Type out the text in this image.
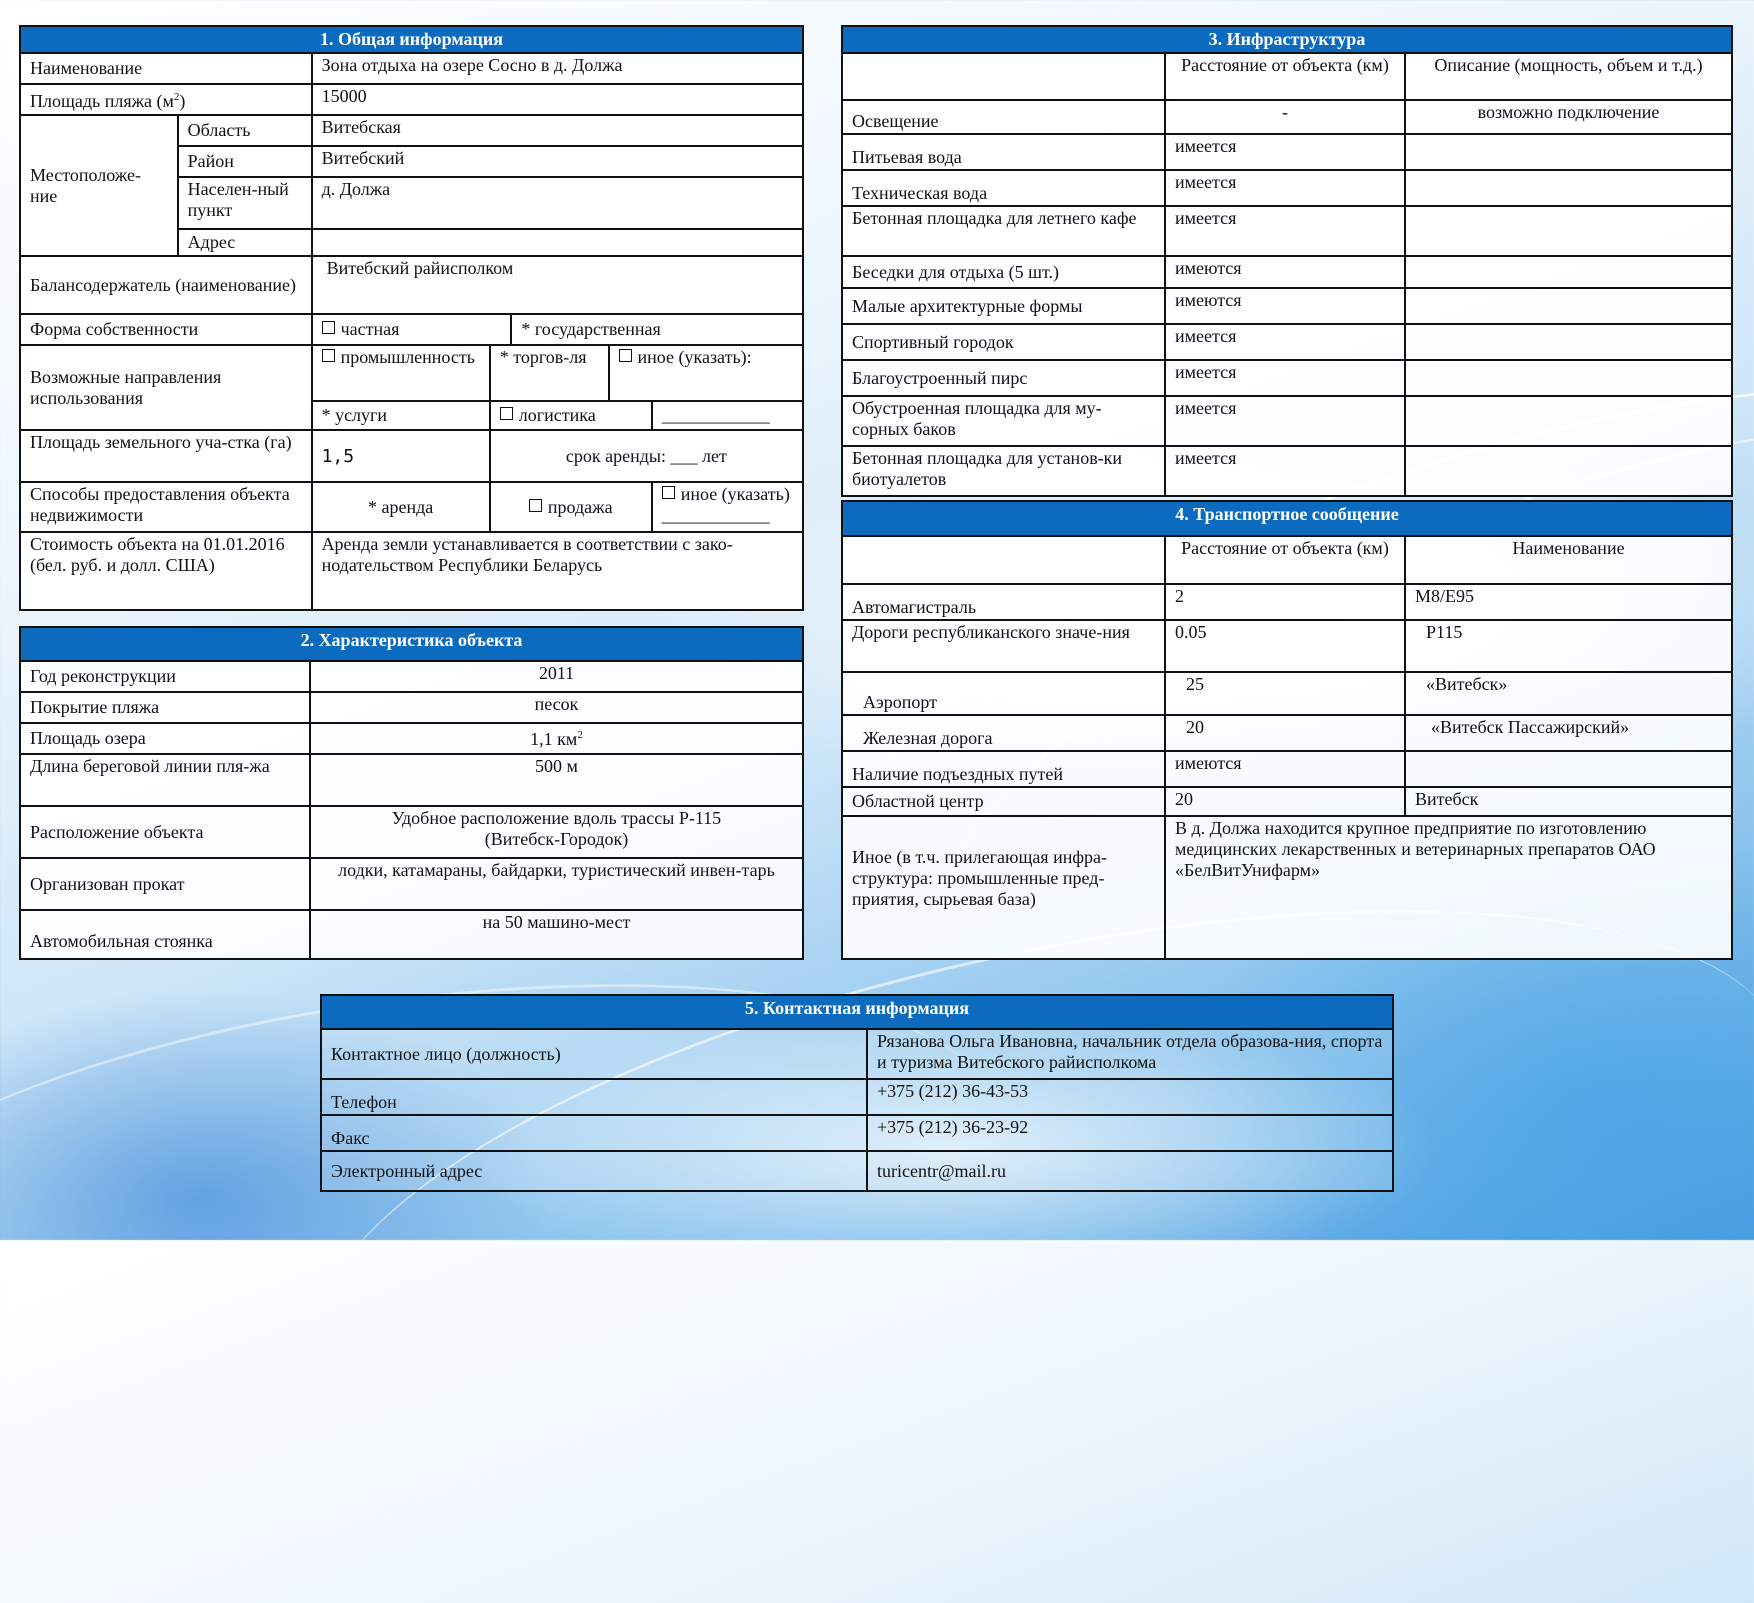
1. Общая информация						
Наименование		Зона отдыха на озере Сосно в д. Должа				
Площадь пляжа $(м^2)$		15000				
Местоположе-ние	Область	Витебская				
	Район	Витебский				
	Населен-ный пункт	д. Должа				
	Адрес					
Балансодержатель (наименование)		Витебский райисполком				
Форма собственности		частная		* государственная		
Возможные направления использования		промышленность	* торгов-ля		иное (указать):	
		* услуги	логистика			____________
Площадь земельного уча-стка (га)		1,5	срок аренды: ___ лет			
Способы предоставления объекта недвижимости		* аренда	продажа			иное (указать)
____________
Стоимость объекта на 01.01.2016 (бел. руб. и долл. США)		Аренда земли устанавливается в соответствии с зако-нодательством Республики Беларусь				
2. Характеристика объекта	
Год реконструкции	2011
Покрытие пляжа	песок
Площадь озера	1,1 $км^2$
Длина береговой линии пля-жа	500 м
Расположение объекта	Удобное расположение вдоль трассы Р-115 (Витебск-Городок)
Организован прокат	лодки, катамараны, байдарки, туристический инвен-тарь
Автомобильная стоянка	на 50 машино-мест
3. Инфраструктура		
	Расстояние от объекта (км)	Описание (мощность, объем и т.д.)
Освещение	-	возможно подключение
Питьевая вода	имеется	
Техническая вода	имеется	
Бетонная площадка для летнего кафе	имеется	
Беседки для отдыха (5 шт.)	имеются	
Малые архитектурные формы	имеются	
Спортивный городок	имеется	
Благоустроенный пирс	имеется	
Обустроенная площадка для му-сорных баков	имеется	
Бетонная площадка для установ-ки биотуалетов	имеется	
4. Транспортное сообщение		
	Расстояние от объекта (км)	Наименование
Автомагистраль	2	М8/Е95
Дороги республиканского значе-ния	0.05	Р115
Аэропорт	25	«Витебск»
Железная дорога	20	«Витебск Пассажирский»
Наличие подъездных путей	имеются	
Областной центр	20	Витебск
Иное (в т.ч. прилегающая инфра-структура: промышленные пред-приятия, сырьевая база)	В д. Должа находится крупное предприятие по изготовлению медицинских лекарственных и ветеринарных препаратов ОАО «БелВитУнифарм»	
5. Контактная информация	
Контактное лицо (должность)	Рязанова Ольга Ивановна, начальник отдела образова-ния, спорта и туризма Витебского райисполкома
Телефон	+375 (212) 36-43-53
Факс	+375 (212) 36-23-92
Электронный адрес	turicentr@mail.ru
